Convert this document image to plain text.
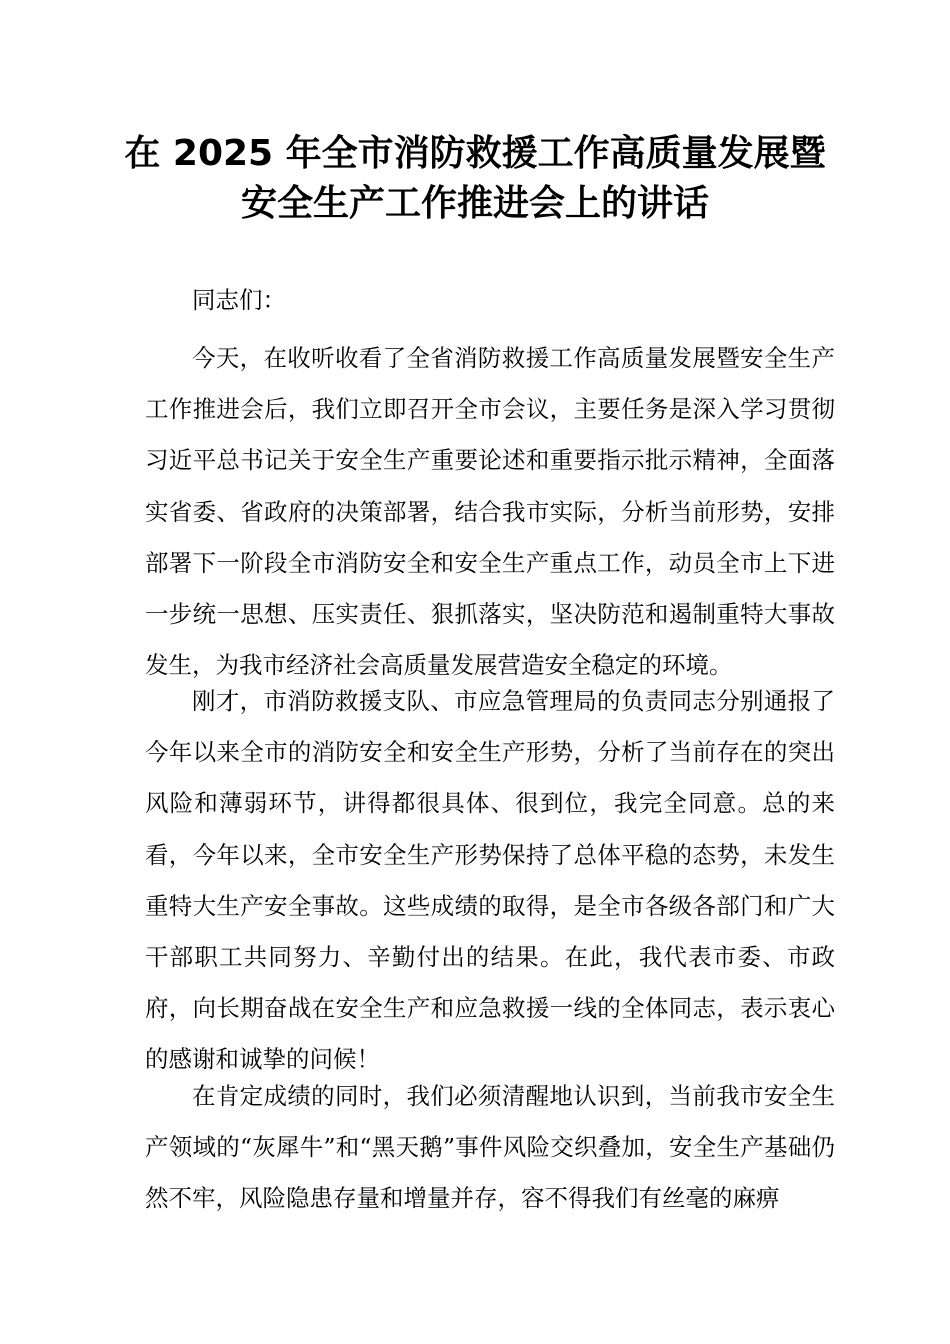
在 2025 年全市消防救援工作高质量发展暨
安全生产工作推进会上的讲话
同志们：
今天，在收听收看了全省消防救援工作高质量发展暨安全生产工作推进会后，我们立即召开全市会议，主要任务是深入学习贯彻习近平总书记关于安全生产重要论述和重要指示批示精神，全面落实省委、省政府的决策部署，结合我市实际，分析当前形势，安排部署下一阶段全市消防安全和安全生产重点工作，动员全市上下进一步统一思想、压实责任、狠抓落实，坚决防范和遏制重特大事故发生，为我市经济社会高质量发展营造安全稳定的环境。
刚才，市消防救援支队、市应急管理局的负责同志分别通报了今年以来全市的消防安全和安全生产形势，分析了当前存在的突出风险和薄弱环节，讲得都很具体、很到位，我完全同意。总的来看，今年以来，全市安全生产形势保持了总体平稳的态势，未发生重特大生产安全事故。这些成绩的取得，是全市各级各部门和广大干部职工共同努力、辛勤付出的结果。在此，我代表市委、市政府，向长期奋战在安全生产和应急救援一线的全体同志，表示衷心的感谢和诚挚的问候！
在肯定成绩的同时，我们必须清醒地认识到，当前我市安全生产领域的“灰犀牛”和“黑天鹅”事件风险交织叠加，安全生产基础仍然不牢，风险隐患存量和增量并存，容不得我们有丝毫的麻痹
